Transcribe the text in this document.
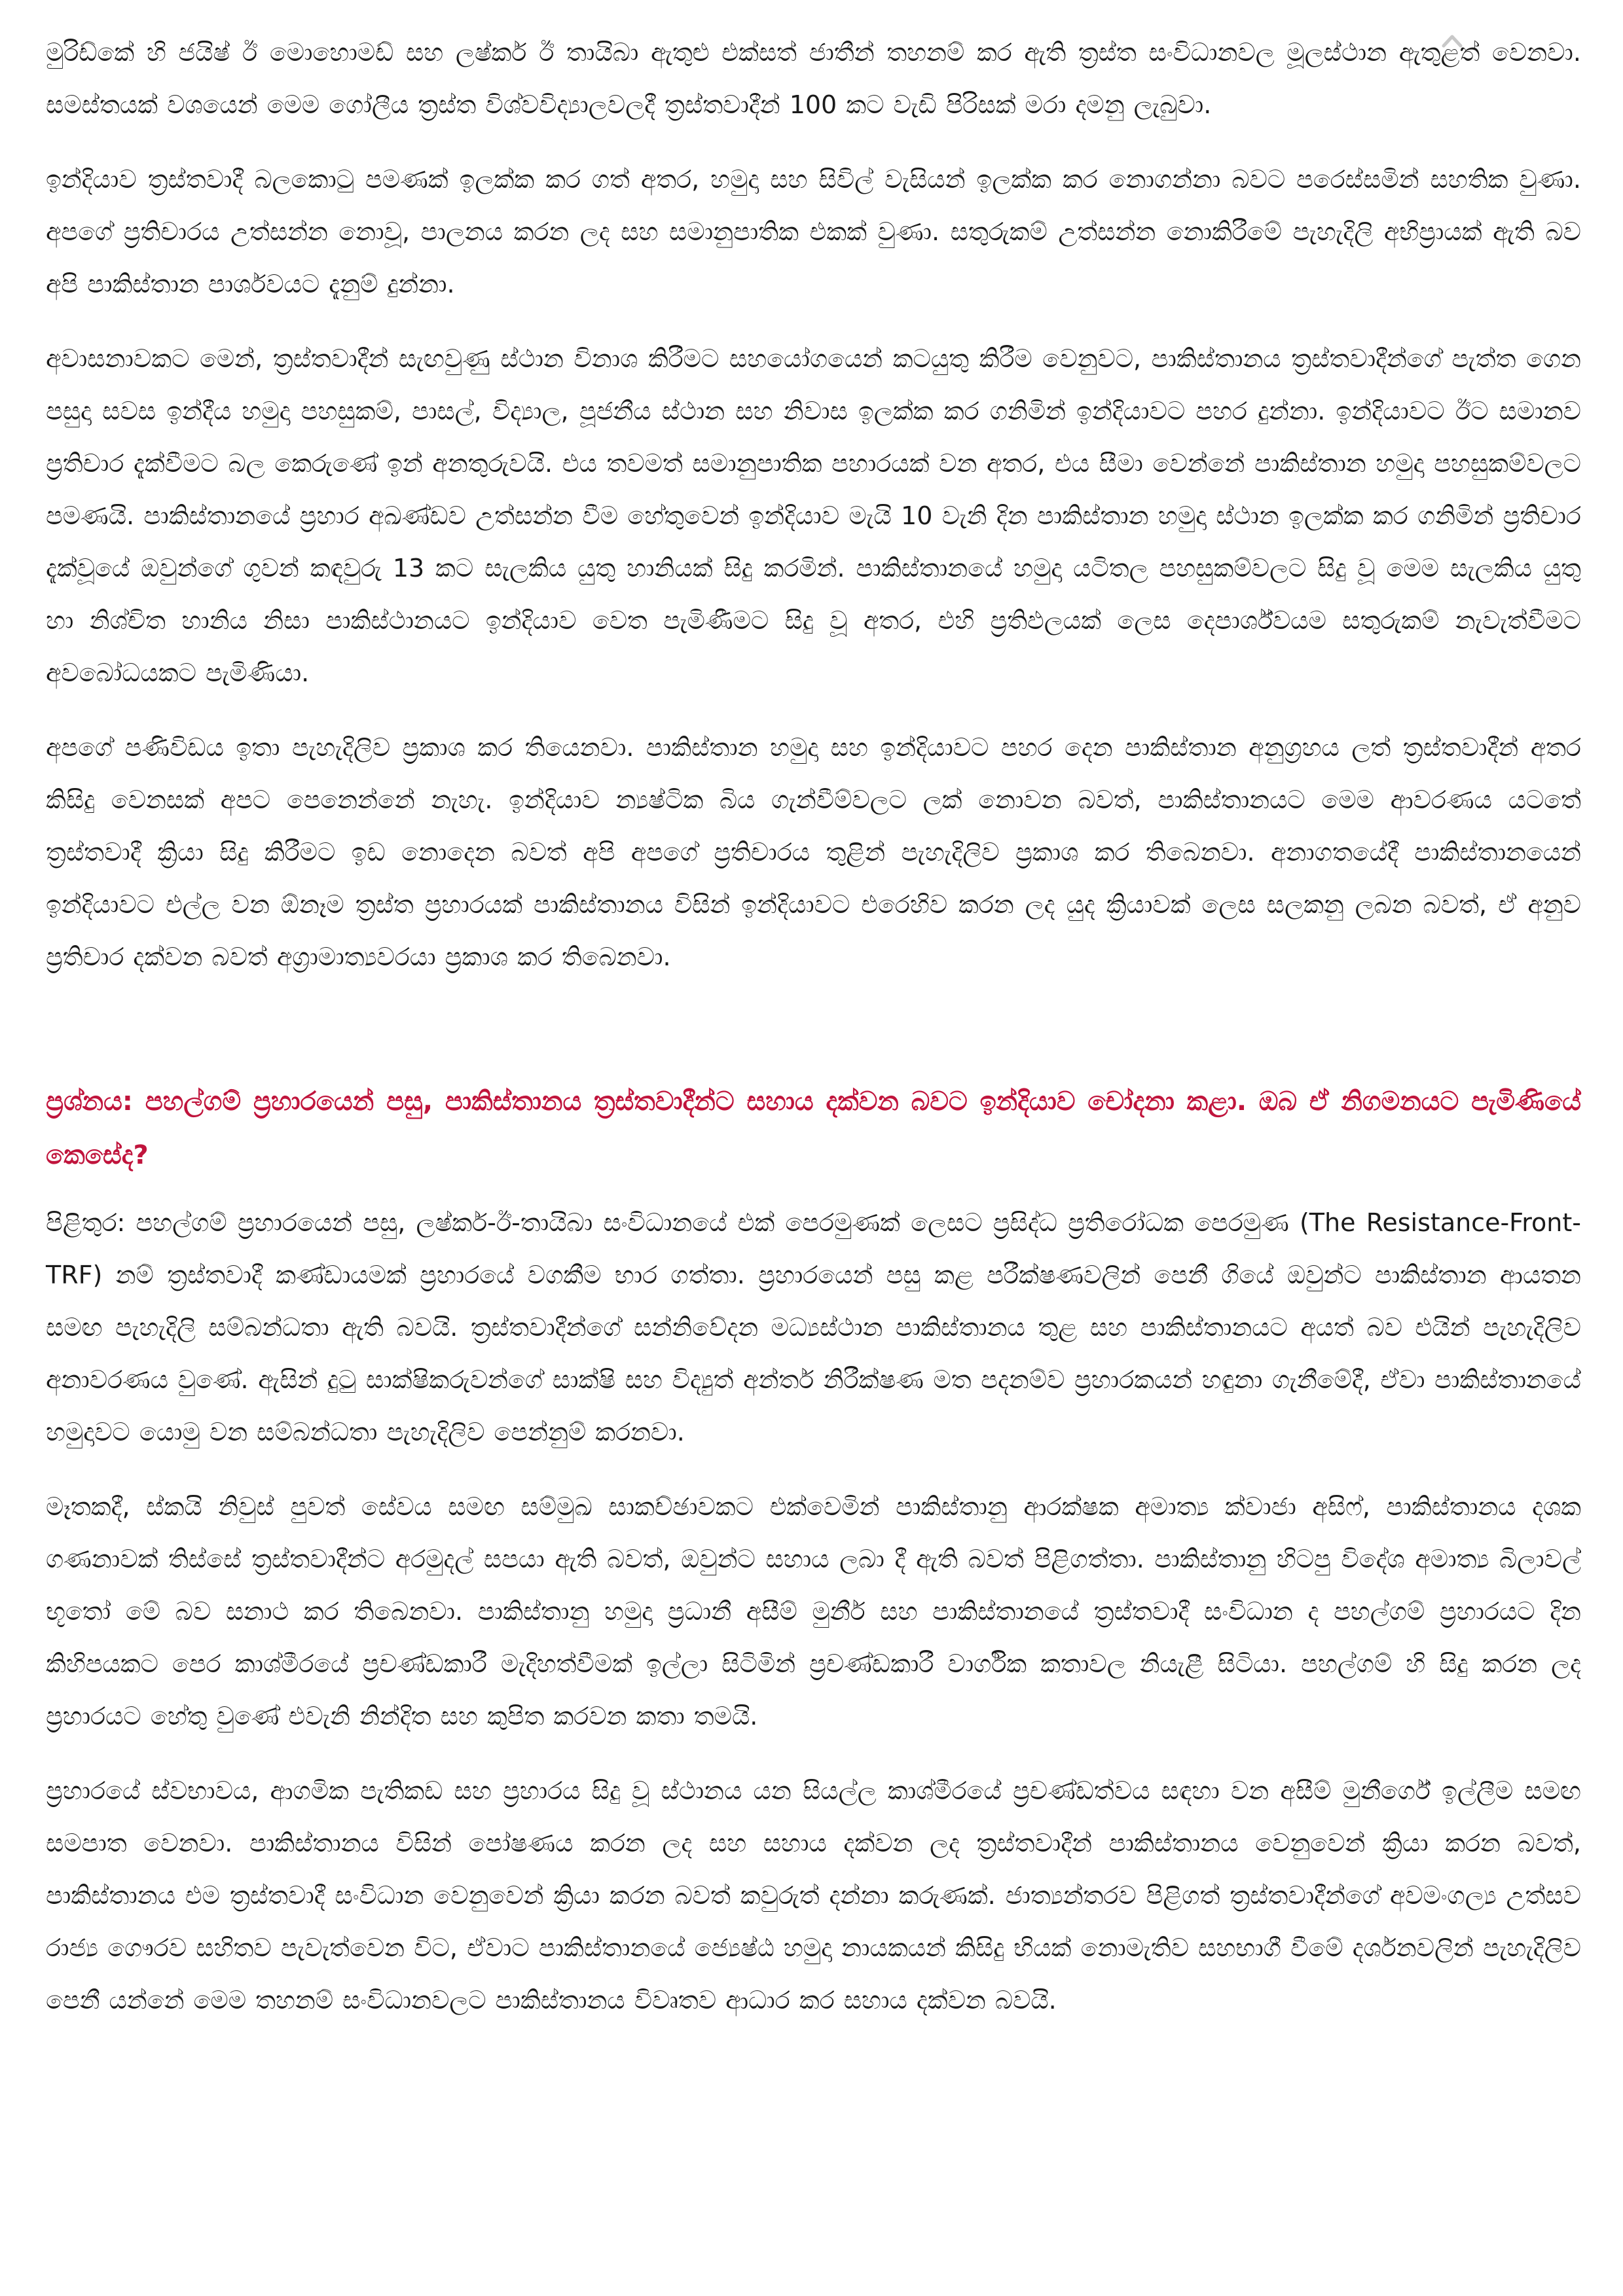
මුරිඩ්කේ හි ජයිෂ් ඊ මොහොමඩ් සහ ලෂ්කර් ඊ තායිබා ඇතුළු එක්සත් ජාතීන් තහනම් කර ඇති ත්‍රස්ත සංවිධානවල මූලස්ථාන ඇතුළත් වෙනවා. සමස්තයක් වශයෙන් මෙම ගෝලීය ත්‍රස්ත විශ්වවිද්‍යාලවලදී ත්‍රස්තවාදීන් 100 කට වැඩි පිරිසක් මරා දමනු ලැබුවා.

ඉන්දියාව ත්‍රස්තවාදී බලකොටු පමණක් ඉලක්ක කර ගත් අතර, හමුදා සහ සිවිල් වැසියන් ඉලක්ක කර නොගන්නා බවට පරෙස්සමින් සහතික වුණා. අපගේ ප්‍රතිචාරය උත්සන්න නොවූ, පාලනය කරන ලද සහ සමානුපාතික එකක් වුණා. සතුරුකම් උත්සන්න නොකිරීමේ පැහැදිලි අභිප්‍රායක් ඇති බව අපි පාකිස්තාන පාර්ශවයට දැනුම් දුන්නා.

අවාසනාවකට මෙන්, ත්‍රස්තවාදීන් සැඟවුණු ස්ථාන විනාශ කිරීමට සහයෝගයෙන් කටයුතු කිරීම වෙනුවට, පාකිස්තානය ත්‍රස්තවාදීන්ගේ පැත්ත ගෙන පසුදා සවස ඉන්දීය හමුදා පහසුකම්, පාසල්, විද්‍යාල, පූජනීය ස්ථාන සහ නිවාස ඉලක්ක කර ගනිමින් ඉන්දියාවට පහර දුන්නා. ඉන්දියාවට ඊට සමානව ප්‍රතිචාර දැක්වීමට බල කෙරුණේ ඉන් අනතුරුවයි. එය තවමත් සමානුපාතික පහාරයක් වන අතර, එය සීමා වෙන්නේ පාකිස්තාන හමුදා පහසුකම්වලට පමණයි. පාකිස්තානයේ ප්‍රහාර අඛණ්ඩව උත්සන්න වීම හේතුවෙන් ඉන්දියාව මැයි 10 වැනි දින පාකිස්තාන හමුදා ස්ථාන ඉලක්ක කර ගනිමින් ප්‍රතිචාර දැක්වූයේ ඔවුන්ගේ ගුවන් කඳවුරු 13 කට සැලකිය යුතු හානියක් සිදු කරමින්. පාකිස්තානයේ හමුදා යටිතල පහසුකම්වලට සිදු වූ මෙම සැලකිය යුතු හා නිශ්චිත හානිය නිසා පාකිස්ථානයට ඉන්දියාව වෙත පැමිණීමට සිදු වූ අතර, එහි ප්‍රතිඵලයක් ලෙස දෙපාර්ශ්වයම සතුරුකම් නැවැත්වීමට අවබෝධයකට පැමිණියා.

අපගේ පණිවිඩය ඉතා පැහැදිලිව ප්‍රකාශ කර තියෙනවා. පාකිස්තාන හමුදා සහ ඉන්දියාවට පහර දෙන පාකිස්තාන අනුග්‍රහය ලත් ත්‍රස්තවාදීන් අතර කිසිදු වෙනසක් අපට පෙනෙන්නේ නැහැ. ඉන්දියාව න්‍යෂ්ටික බිය ගැන්වීම්වලට ලක් නොවන බවත්, පාකිස්තානයට මෙම ආවරණය යටතේ ත්‍රස්තවාදී ක්‍රියා සිදු කිරීමට ඉඩ නොදෙන බවත් අපි අපගේ ප්‍රතිචාරය තුළින් පැහැදිලිව ප්‍රකාශ කර තිබෙනවා. අනාගතයේදී පාකිස්තානයෙන් ඉන්දියාවට එල්ල වන ඕනෑම ත්‍රස්ත ප්‍රහාරයක් පාකිස්තානය විසින් ඉන්දියාවට එරෙහිව කරන ලද යුද ක්‍රියාවක් ලෙස සලකනු ලබන බවත්, ඒ අනුව ප්‍රතිචාර දක්වන බවත් අග්‍රාමාත්‍යවරයා ප්‍රකාශ කර තිබෙනවා.

ප්‍රශ්නය: පහල්ගම් ප්‍රහාරයෙන් පසු, පාකිස්තානය ත්‍රස්තවාදීන්ට සහාය දක්වන බවට ඉන්දියාව චෝදනා කළා. ඔබ ඒ නිගමනයට පැමිණියේ කෙසේද?

පිළිතුර: පහල්ගම් ප්‍රහාරයෙන් පසු, ලෂ්කර්-ඊ-තායිබා සංවිධානයේ එක් පෙරමුණක් ලෙසට ප්‍රසිද්ධ ප්‍රතිරෝධක පෙරමුණ (The Resistance-Front-TRF) නම් ත්‍රස්තවාදී කණ්ඩායමක් ප්‍රහාරයේ වගකීම භාර ගත්තා. ප්‍රහාරයෙන් පසු කළ පරීක්ෂණවලින් පෙනී ගියේ ඔවුන්ට පාකිස්තාන ආයතන සමඟ පැහැදිලි සම්බන්ධතා ඇති බවයි. ත්‍රස්තවාදීන්ගේ සන්නිවේදන මධ්‍යස්ථාන පාකිස්තානය තුළ සහ පාකිස්තානයට අයත් බව එයින් පැහැදිලිව අනාවරණය වුණේ. ඇසින් දුටු සාක්ෂිකරුවන්ගේ සාක්ෂි සහ විද්‍යුත් අන්තර් නිරීක්ෂණ මත පදනම්ව ප්‍රහාරකයන් හඳුනා ගැනීමේදී, ඒවා පාකිස්තානයේ හමුදාවට යොමු වන සම්බන්ධතා පැහැදිලිව පෙන්නුම් කරනවා.

මෑතකදී, ස්කයි නිවුස් පුවත් සේවය සමඟ සම්මුඛ සාකච්ඡාවකට එක්වෙමින් පාකිස්තානු ආරක්ෂක අමාත්‍ය ක්වාජා අසිෆ්, පාකිස්තානය දශක ගණනාවක් තිස්සේ ත්‍රස්තවාදීන්ට අරමුදල් සපයා ඇති බවත්, ඔවුන්ට සහාය ලබා දී ඇති බවත් පිළිගත්තා. පාකිස්තානු හිටපු විදේශ අමාත්‍ය බිලාවල් භූතෝ මේ බව සනාථ කර තිබෙනවා. පාකිස්තානු හමුදා ප්‍රධානී අසීම් මුනීර් සහ පාකිස්තානයේ ත්‍රස්තවාදී සංවිධාන ද පහල්ගම් ප්‍රහාරයට දින කිහිපයකට පෙර කාශ්මීරයේ ප්‍රචණ්ඩකාරී මැදිහත්වීමක් ඉල්ලා සිටිමින් ප්‍රචණ්ඩකාරී වාර්ගික කතාවල නියැළී සිටියා. පහල්ගම් හි සිදු කරන ලද ප්‍රහාරයට හේතු වුණේ එවැනි නින්දිත සහ කුපිත කරවන කතා තමයි.

ප්‍රහාරයේ ස්වභාවය, ආගමික පැතිකඩ සහ ප්‍රහාරය සිදු වූ ස්ථානය යන සියල්ල කාශ්මීරයේ ප්‍රචණ්ඩත්වය සඳහා වන අසීම් මුනීර්ගේ ඉල්ලීම සමඟ සමපාත වෙනවා. පාකිස්තානය විසින් පෝෂණය කරන ලද සහ සහාය දක්වන ලද ත්‍රස්තවාදීන් පාකිස්තානය වෙනුවෙන් ක්‍රියා කරන බවත්, පාකිස්තානය එම ත්‍රස්තවාදී සංවිධාන වෙනුවෙන් ක්‍රියා කරන බවත් කවුරුත් දන්නා කරුණක්. ජාත්‍යන්තරව පිළිගත් ත්‍රස්තවාදීන්ගේ අවමංගල්‍ය උත්සව රාජ්‍ය ගෞරව සහිතව පැවැත්වෙන විට, ඒවාට පාකිස්තානයේ ජ්‍යෙෂ්ඨ හමුදා නායකයන් කිසිදු භියක් නොමැතිව සහභාගී වීමේ දර්ශනවලින් පැහැදිලිව පෙනී යන්නේ මෙම තහනම් සංවිධානවලට පාකිස්තානය විවෘතව ආධාර කර සහාය දක්වන බවයි.
